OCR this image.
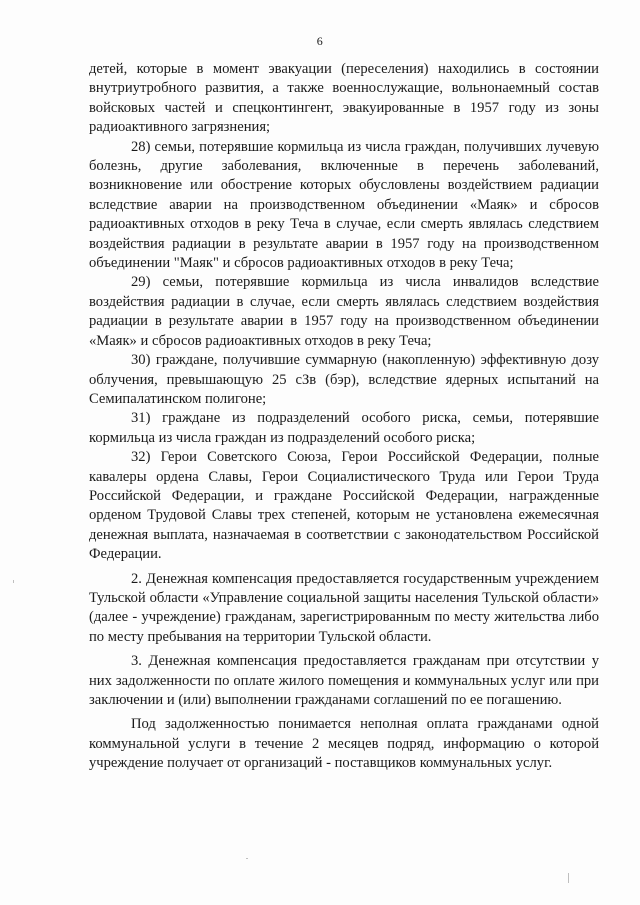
6

детей, которые в момент эвакуации (переселения) находились в состоянии внутриутробного развития, а также военнослужащие, вольнонаемный состав войсковых частей и спецконтингент, эвакуированные в 1957 году из зоны радиоактивного загрязнения;

28) семьи, потерявшие кормильца из числа граждан, получивших лучевую болезнь, другие заболевания, включенные в перечень заболеваний, возникновение или обострение которых обусловлены воздействием радиации вследствие аварии на производственном объединении «Маяк» и сбросов радиоактивных отходов в реку Теча в случае, если смерть являлась следствием воздействия радиации в результате аварии в 1957 году на производственном объединении "Маяк" и сбросов радиоактивных отходов в реку Теча;

29) семьи, потерявшие кормильца из числа инвалидов вследствие воздействия радиации в случае, если смерть являлась следствием воздействия радиации в результате аварии в 1957 году на производственном объединении «Маяк» и сбросов радиоактивных отходов в реку Теча;

30) граждане, получившие суммарную (накопленную) эффективную дозу облучения, превышающую 25 сЗв (бэр), вследствие ядерных испытаний на Семипалатинском полигоне;

31) граждане из подразделений особого риска, семьи, потерявшие кормильца из числа граждан из подразделений особого риска;

32) Герои Советского Союза, Герои Российской Федерации, полные кавалеры ордена Славы, Герои Социалистического Труда или Герои Труда Российской Федерации, и граждане Российской Федерации, награжденные орденом Трудовой Славы трех степеней, которым не установлена ежемесячная денежная выплата, назначаемая в соответствии с законодательством Российской Федерации.

2. Денежная компенсация предоставляется государственным учреждением Тульской области «Управление социальной защиты населения Тульской области» (далее - учреждение) гражданам, зарегистрированным по месту жительства либо по месту пребывания на территории Тульской области.

3. Денежная компенсация предоставляется гражданам при отсутствии у них задолженности по оплате жилого помещения и коммунальных услуг или при заключении и (или) выполнении гражданами соглашений по ее погашению.

Под задолженностью понимается неполная оплата гражданами одной коммунальной услуги в течение 2 месяцев подряд, информацию о которой учреждение получает от организаций - поставщиков коммунальных услуг.
